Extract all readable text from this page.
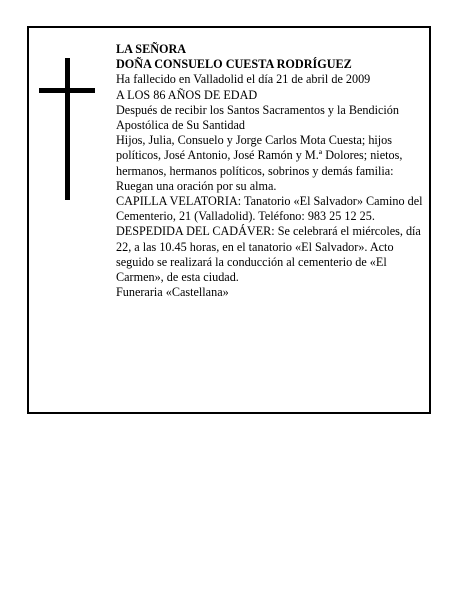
LA SEÑORA

DOÑA CONSUELO CUESTA RODRÍGUEZ

Ha fallecido en Valladolid el día 21 de abril de 2009

A LOS 86 AÑOS DE EDAD

Después de recibir los Santos Sacramentos y la Bendición Apostólica de Su Santidad

Hijos, Julia, Consuelo y Jorge Carlos Mota Cuesta; hijos políticos, José Antonio, José Ramón y M.ª Dolores; nietos, hermanos, hermanos políticos, sobrinos y demás familia:

Ruegan una oración por su alma.

CAPILLA VELATORIA: Tanatorio «El Salvador» Camino del Cementerio, 21 (Valladolid). Teléfono: 983 25 12 25.

DESPEDIDA DEL CADÁVER: Se celebrará el miércoles, día 22, a las 10.45 horas, en el tanatorio «El Salvador». Acto seguido se realizará la conducción al cementerio de «El Carmen», de esta ciudad.

Funeraria «Castellana»
